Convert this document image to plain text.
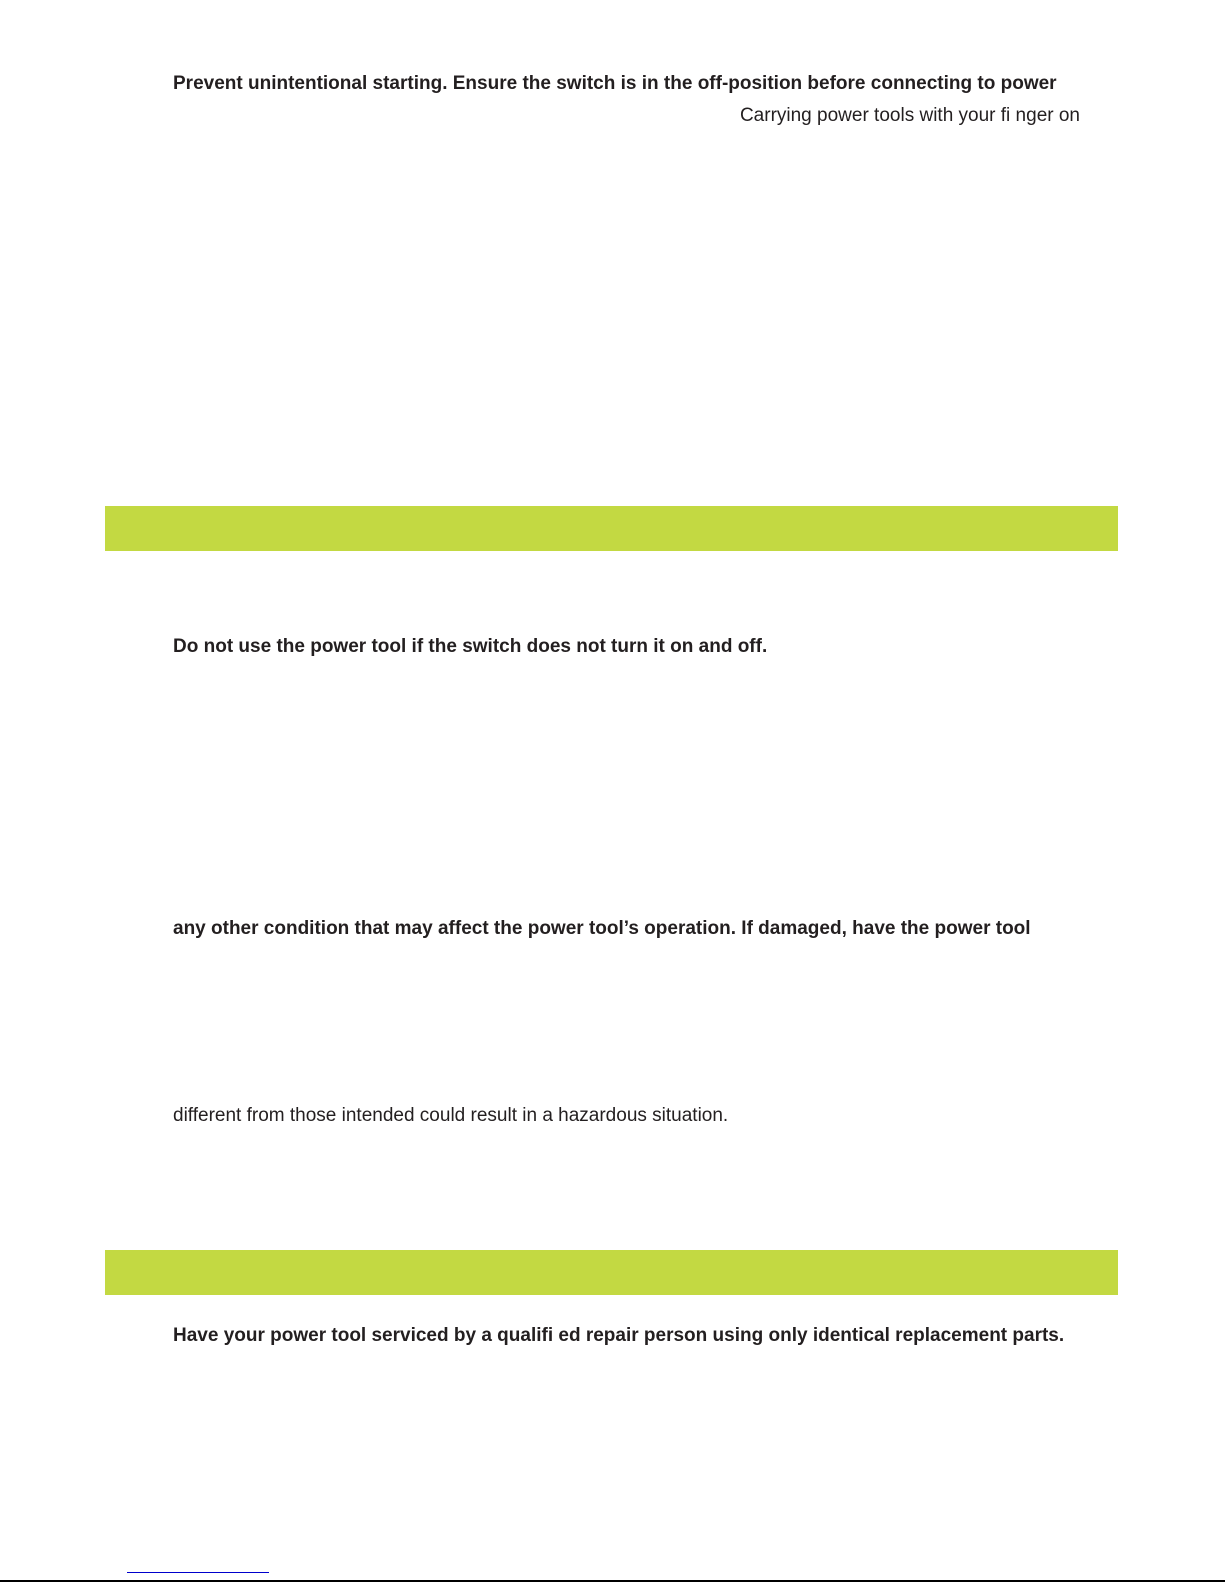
Prevent unintentional starting. Ensure the switch is in the off-position before connecting to power

Carrying power tools with your fi nger on

Do not use the power tool if the switch does not turn it on and off.

any other condition that may affect the power tool’s operation. If damaged, have the power tool

different from those intended could result in a hazardous situation.

Have your power tool serviced by a qualifi ed repair person using only identical replacement parts.
